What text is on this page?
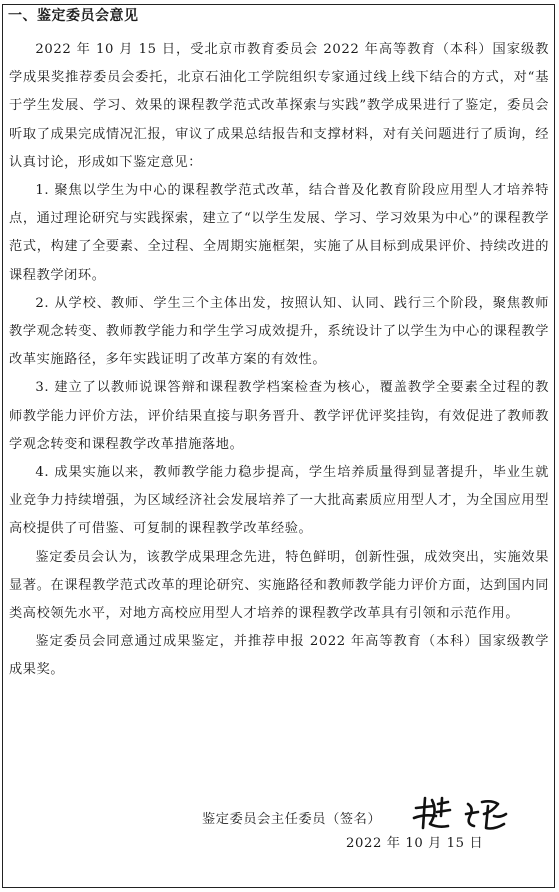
一、鉴定委员会意见

2022 年 10 月 15 日，受北京市教育委员会 2022 年高等教育（本科）国家级教学成果奖推荐委员会委托，北京石油化工学院组织专家通过线上线下结合的方式，对“基于学生发展、学习、效果的课程教学范式改革探索与实践”教学成果进行了鉴定，委员会听取了成果完成情况汇报，审议了成果总结报告和支撑材料，对有关问题进行了质询，经认真讨论，形成如下鉴定意见：

1. 聚焦以学生为中心的课程教学范式改革，结合普及化教育阶段应用型人才培养特点，通过理论研究与实践探索，建立了“以学生发展、学习、学习效果为中心”的课程教学范式，构建了全要素、全过程、全周期实施框架，实施了从目标到成果评价、持续改进的课程教学闭环。

2. 从学校、教师、学生三个主体出发，按照认知、认同、践行三个阶段，聚焦教师教学观念转变、教师教学能力和学生学习成效提升，系统设计了以学生为中心的课程教学改革实施路径，多年实践证明了改革方案的有效性。

3. 建立了以教师说课答辩和课程教学档案检查为核心，覆盖教学全要素全过程的教师教学能力评价方法，评价结果直接与职务晋升、教学评优评奖挂钩，有效促进了教师教学观念转变和课程教学改革措施落地。

4. 成果实施以来，教师教学能力稳步提高，学生培养质量得到显著提升，毕业生就业竞争力持续增强，为区域经济社会发展培养了一大批高素质应用型人才，为全国应用型高校提供了可借鉴、可复制的课程教学改革经验。

鉴定委员会认为，该教学成果理念先进，特色鲜明，创新性强，成效突出，实施效果显著。在课程教学范式改革的理论研究、实施路径和教师教学能力评价方面，达到国内同类高校领先水平，对地方高校应用型人才培养的课程教学改革具有引领和示范作用。

鉴定委员会同意通过成果鉴定，并推荐申报 2022 年高等教育（本科）国家级教学成果奖。

鉴定委员会主任委员（签名）
2022 年 10 月 15 日
